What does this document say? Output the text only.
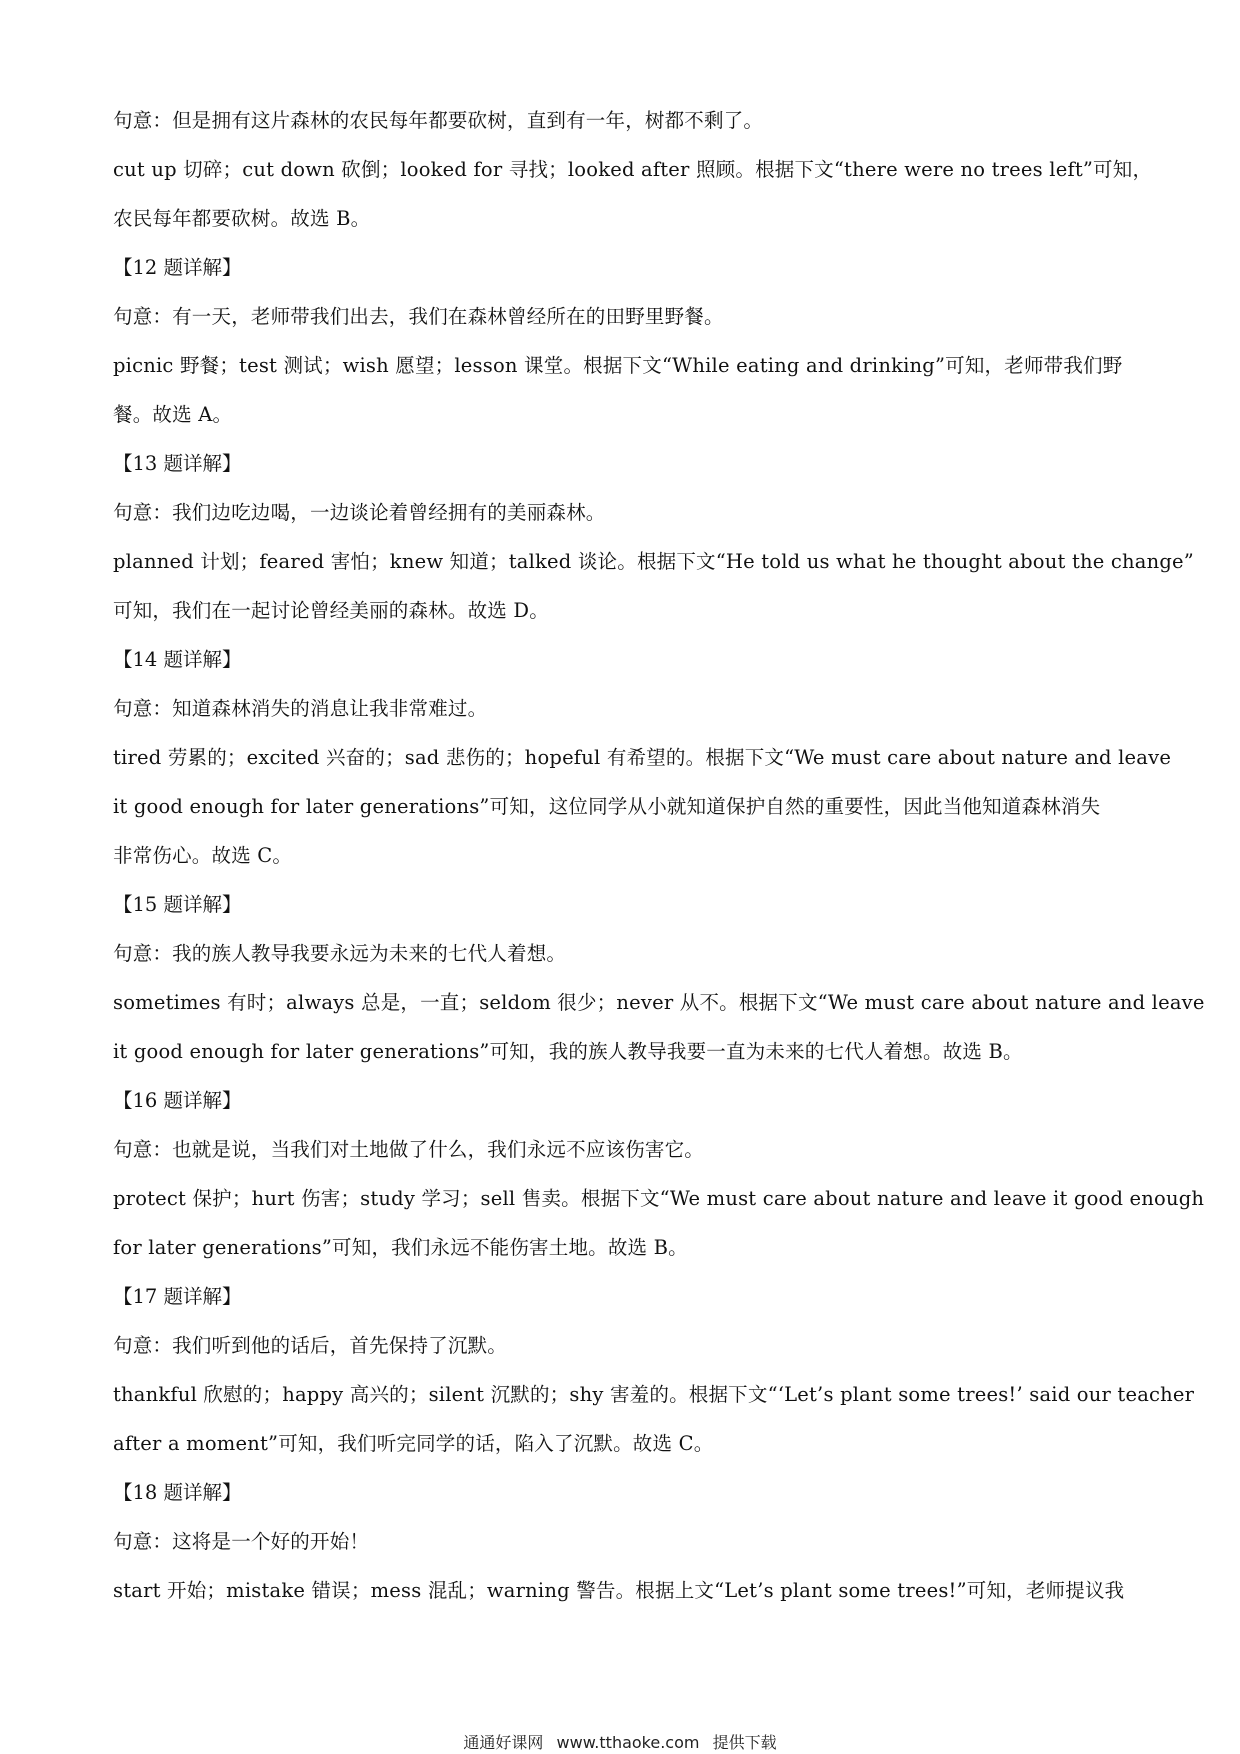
句意：但是拥有这片森林的农民每年都要砍树，直到有一年，树都不剩了。
cut up 切碎；cut down 砍倒；looked for 寻找；looked after 照顾。根据下文“there were no trees left”可知，
农民每年都要砍树。故选 B。
【12 题详解】
句意：有一天，老师带我们出去，我们在森林曾经所在的田野里野餐。
picnic 野餐；test 测试；wish 愿望；lesson 课堂。根据下文“While eating and drinking”可知，老师带我们野
餐。故选 A。
【13 题详解】
句意：我们边吃边喝，一边谈论着曾经拥有的美丽森林。
planned 计划；feared 害怕；knew 知道；talked 谈论。根据下文“He told us what he thought about the change”
可知，我们在一起讨论曾经美丽的森林。故选 D。
【14 题详解】
句意：知道森林消失的消息让我非常难过。
tired 劳累的；excited 兴奋的；sad 悲伤的；hopeful 有希望的。根据下文“We must care about nature and leave
it good enough for later generations”可知，这位同学从小就知道保护自然的重要性，因此当他知道森林消失
非常伤心。故选 C。
【15 题详解】
句意：我的族人教导我要永远为未来的七代人着想。
sometimes 有时；always 总是，一直；seldom 很少；never 从不。根据下文“We must care about nature and leave
it good enough for later generations”可知，我的族人教导我要一直为未来的七代人着想。故选 B。
【16 题详解】
句意：也就是说，当我们对土地做了什么，我们永远不应该伤害它。
protect 保护；hurt 伤害；study 学习；sell 售卖。根据下文“We must care about nature and leave it good enough
for later generations”可知，我们永远不能伤害土地。故选 B。
【17 题详解】
句意：我们听到他的话后，首先保持了沉默。
thankful 欣慰的；happy 高兴的；silent 沉默的；shy 害羞的。根据下文“‘Let’s plant some trees!’ said our teacher
after a moment”可知，我们听完同学的话，陷入了沉默。故选 C。
【18 题详解】
句意：这将是一个好的开始！
start 开始；mistake 错误；mess 混乱；warning 警告。根据上文“Let’s plant some trees!”可知，老师提议我
通通好课网 www.tthaoke.com 提供下载
